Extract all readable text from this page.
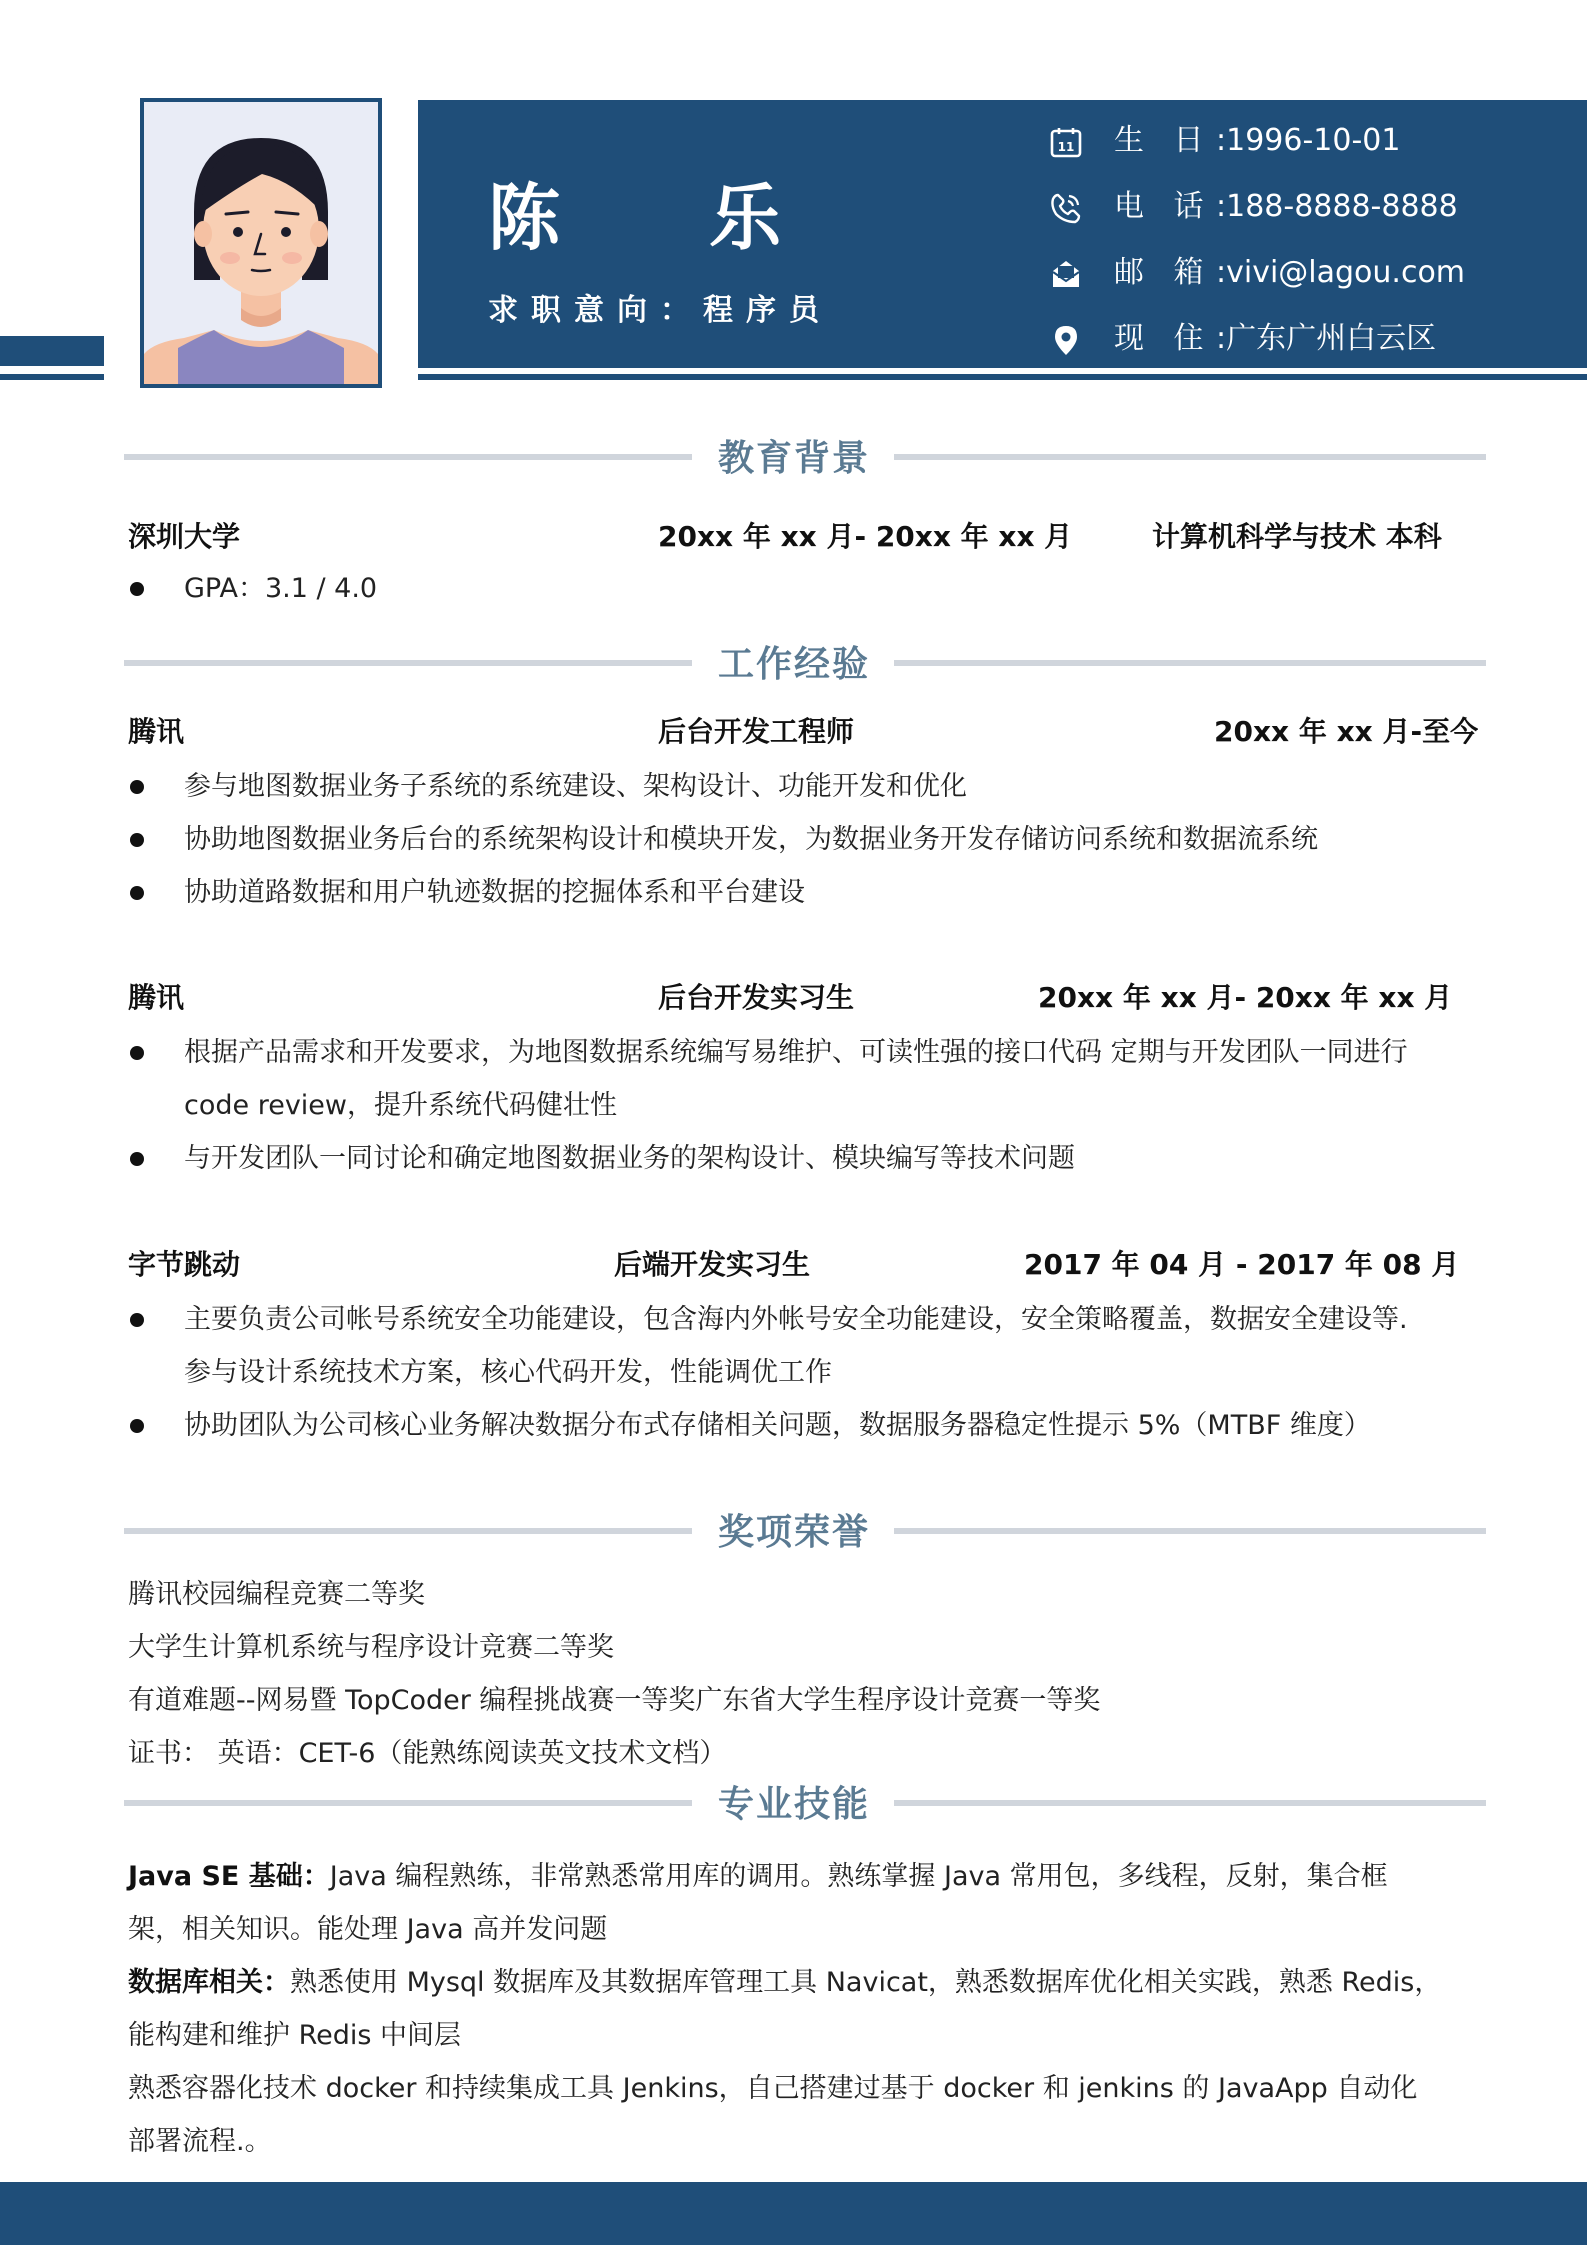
陈 乐
求职意向：程序员
11 生 日 :1996-10-01
电 话 :188-8888-8888
邮 箱 :vivi@lagou.com
现 住 :广东广州白云区
教育背景
深圳大学	20xx 年 xx 月- 20xx 年 xx 月	计算机科学与技术 本科
GPA：3.1 / 4.0
工作经验
腾讯	后台开发工程师	20xx 年 xx 月-至今
参与地图数据业务子系统的系统建设、架构设计、功能开发和优化
协助地图数据业务后台的系统架构设计和模块开发，为数据业务开发存储访问系统和数据流系统
协助道路数据和用户轨迹数据的挖掘体系和平台建设
腾讯	后台开发实习生	20xx 年 xx 月- 20xx 年 xx 月
根据产品需求和开发要求，为地图数据系统编写易维护、可读性强的接口代码 定期与开发团队一同进行
code review，提升系统代码健壮性
与开发团队一同讨论和确定地图数据业务的架构设计、模块编写等技术问题
字节跳动	后端开发实习生	2017 年 04 月 - 2017 年 08 月
主要负责公司帐号系统安全功能建设，包含海内外帐号安全功能建设，安全策略覆盖，数据安全建设等.
参与设计系统技术方案，核心代码开发，性能调优工作
协助团队为公司核心业务解决数据分布式存储相关问题，数据服务器稳定性提示 5%（MTBF 维度）
奖项荣誉
腾讯校园编程竞赛二等奖
大学生计算机系统与程序设计竞赛二等奖
有道难题--网易暨 TopCoder 编程挑战赛一等奖广东省大学生程序设计竞赛一等奖
证书： 英语：CET-6（能熟练阅读英文技术文档）
专业技能
Java SE 基础：Java 编程熟练，非常熟悉常用库的调用。熟练掌握 Java 常用包，多线程，反射，集合框
架，相关知识。能处理 Java 高并发问题
数据库相关：熟悉使用 Mysql 数据库及其数据库管理工具 Navicat，熟悉数据库优化相关实践，熟悉 Redis，
能构建和维护 Redis 中间层
熟悉容器化技术 docker 和持续集成工具 Jenkins，自己搭建过基于 docker 和 jenkins 的 JavaApp 自动化
部署流程.。
